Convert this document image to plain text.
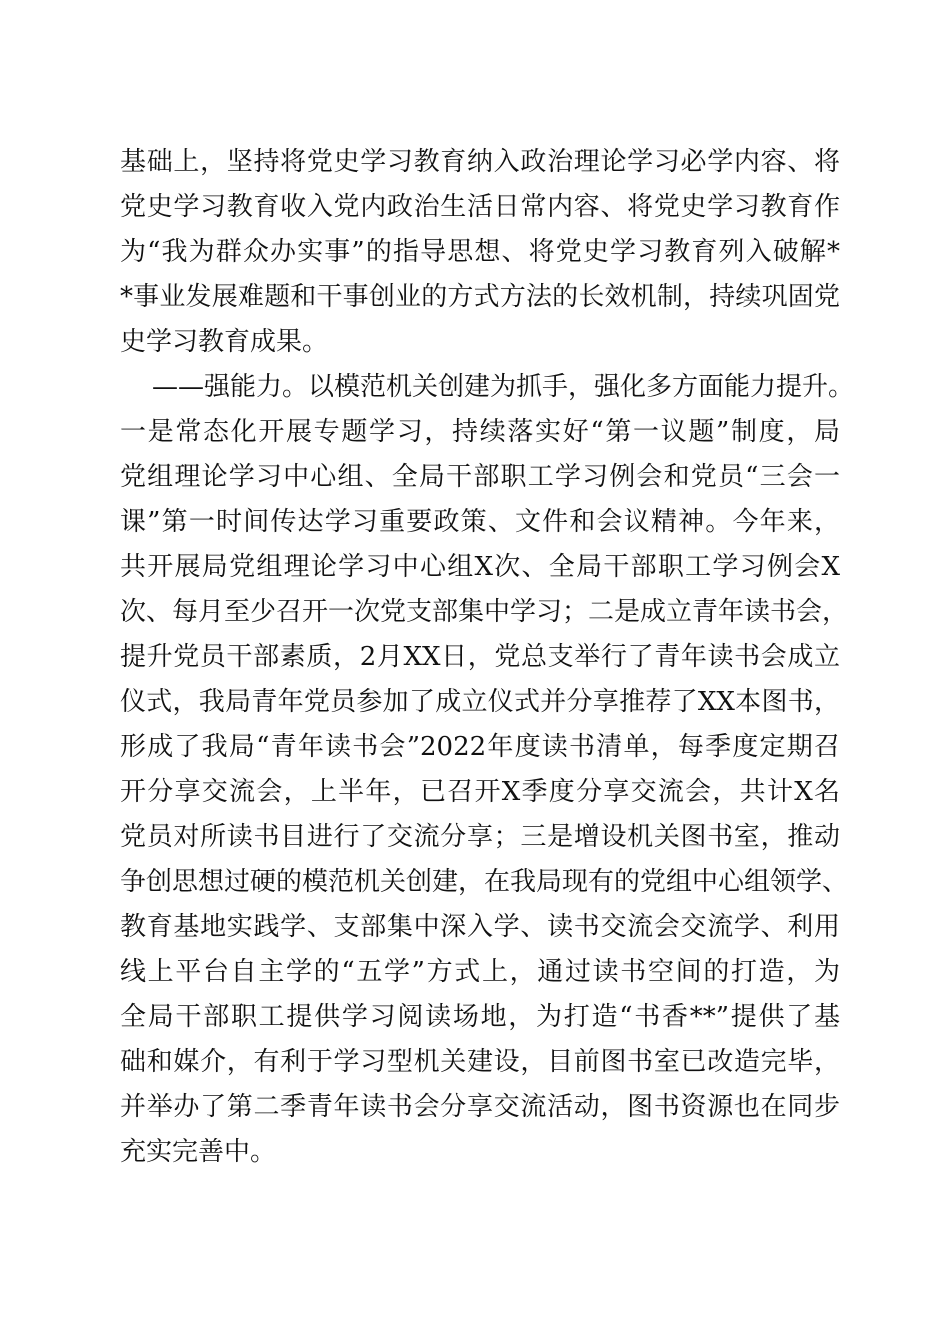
基础上，坚持将党史学习教育纳入政治理论学习必学内容、将
党史学习教育收入党内政治生活日常内容、将党史学习教育作
为“我为群众办实事”的指导思想、将党史学习教育列入破解*
*事业发展难题和干事创业的方式方法的长效机制，持续巩固党
史学习教育成果。
——强能力。以模范机关创建为抓手，强化多方面能力提升。
一是常态化开展专题学习，持续落实好“第一议题”制度，局
党组理论学习中心组、全局干部职工学习例会和党员“三会一
课”第一时间传达学习重要政策、文件和会议精神。今年来，
共开展局党组理论学习中心组X次、全局干部职工学习例会X
次、每月至少召开一次党支部集中学习；二是成立青年读书会，
提升党员干部素质，2月XX日，党总支举行了青年读书会成立
仪式，我局青年党员参加了成立仪式并分享推荐了XX本图书，
形成了我局“青年读书会”2022年度读书清单，每季度定期召
开分享交流会，上半年，已召开X季度分享交流会，共计X名
党员对所读书目进行了交流分享；三是增设机关图书室，推动
争创思想过硬的模范机关创建，在我局现有的党组中心组领学、
教育基地实践学、支部集中深入学、读书交流会交流学、利用
线上平台自主学的“五学”方式上，通过读书空间的打造，为
全局干部职工提供学习阅读场地，为打造“书香**”提供了基
础和媒介，有利于学习型机关建设，目前图书室已改造完毕，
并举办了第二季青年读书会分享交流活动，图书资源也在同步
充实完善中。
